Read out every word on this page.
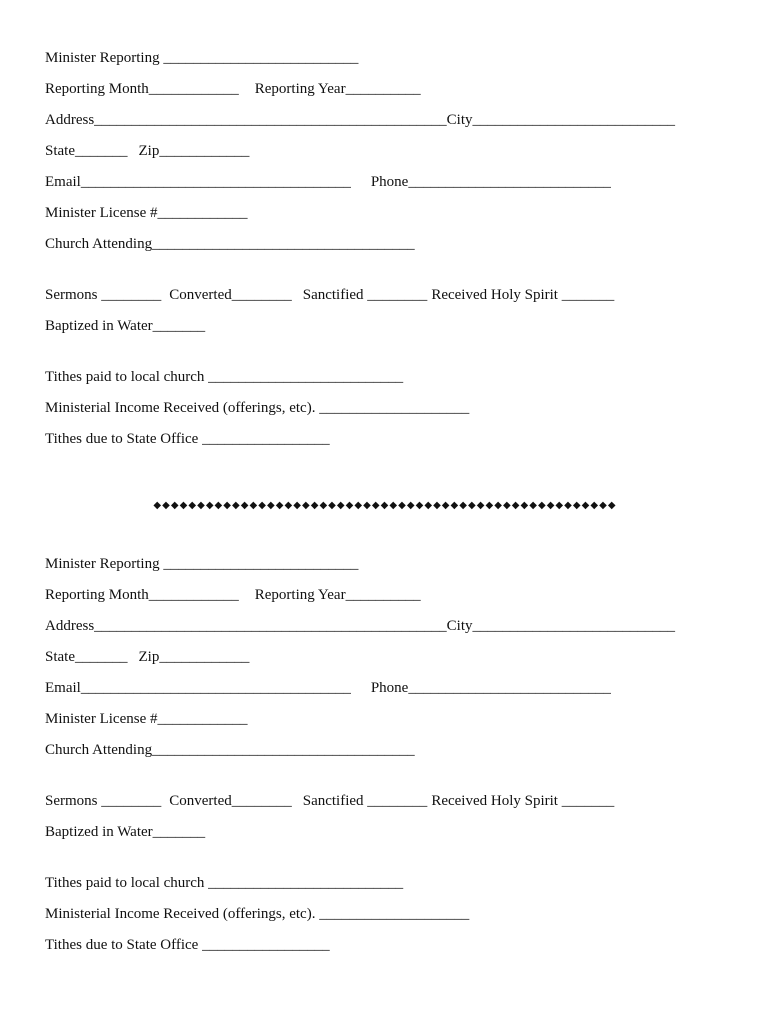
Minister Reporting __________________________
Reporting Month____________ Reporting Year__________
Address_______________________________________________City___________________________
State_______ Zip____________
Email____________________________________ Phone___________________________
Minister License #____________
Church Attending___________________________________
Sermons ________ Converted________ Sanctified ________ Received Holy Spirit _______
Baptized in Water_______
Tithes paid to local church __________________________
Ministerial Income Received (offerings, etc). ____________________
Tithes due to State Office _________________
◆◆◆◆◆◆◆◆◆◆◆◆◆◆◆◆◆◆◆◆◆◆◆◆◆◆◆◆◆◆◆◆◆◆◆◆◆◆◆◆◆◆◆◆◆◆◆◆◆◆◆◆◆
Minister Reporting __________________________
Reporting Month____________ Reporting Year__________
Address_______________________________________________City___________________________
State_______ Zip____________
Email____________________________________ Phone___________________________
Minister License #____________
Church Attending___________________________________
Sermons ________ Converted________ Sanctified ________ Received Holy Spirit _______
Baptized in Water_______
Tithes paid to local church __________________________
Ministerial Income Received (offerings, etc). ____________________
Tithes due to State Office _________________
